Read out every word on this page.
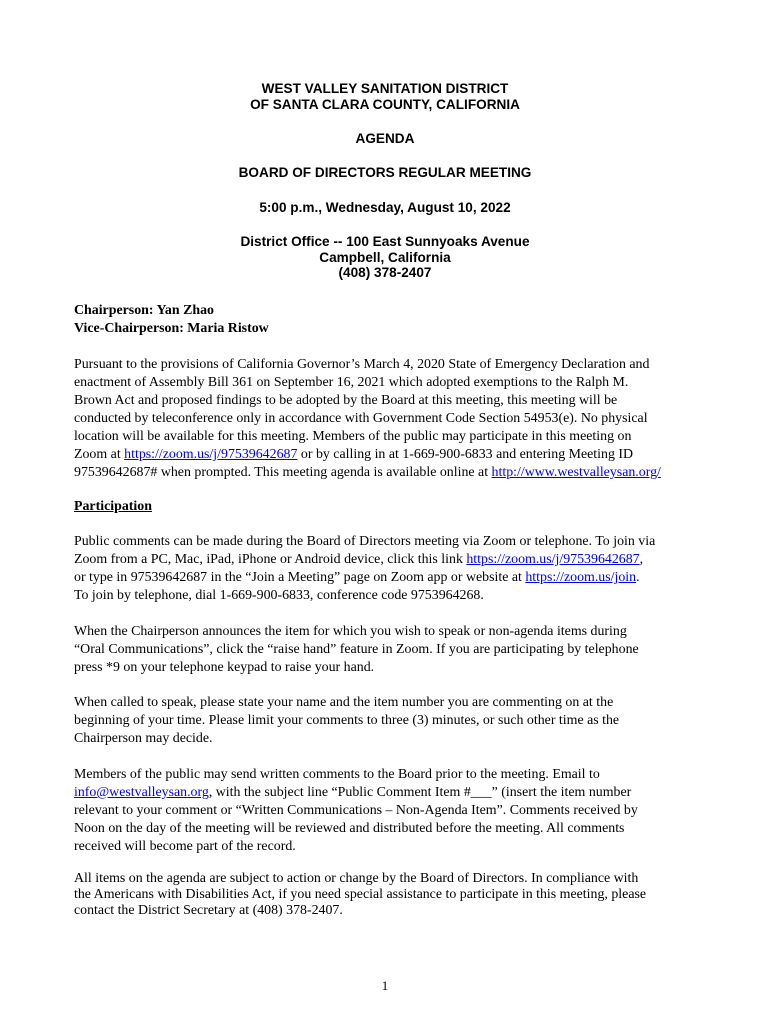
WEST VALLEY SANITATION DISTRICT
OF SANTA CLARA COUNTY, CALIFORNIA
AGENDA
BOARD OF DIRECTORS REGULAR MEETING
5:00 p.m., Wednesday, August 10, 2022
District Office -- 100 East Sunnyoaks Avenue
Campbell, California
(408) 378-2407
Chairperson: Yan Zhao
Vice-Chairperson: Maria Ristow
Pursuant to the provisions of California Governor’s March 4, 2020 State of Emergency Declaration and
enactment of Assembly Bill 361 on September 16, 2021 which adopted exemptions to the Ralph M.
Brown Act and proposed findings to be adopted by the Board at this meeting, this meeting will be
conducted by teleconference only in accordance with Government Code Section 54953(e). No physical
location will be available for this meeting. Members of the public may participate in this meeting on
Zoom at https://zoom.us/j/97539642687 or by calling in at 1-669-900-6833 and entering Meeting ID
97539642687# when prompted. This meeting agenda is available online at http://www.westvalleysan.org/
Participation
Public comments can be made during the Board of Directors meeting via Zoom or telephone. To join via
Zoom from a PC, Mac, iPad, iPhone or Android device, click this link https://zoom.us/j/97539642687,
or type in 97539642687 in the “Join a Meeting” page on Zoom app or website at https://zoom.us/join.
To join by telephone, dial 1-669-900-6833, conference code 9753964268.
When the Chairperson announces the item for which you wish to speak or non-agenda items during
“Oral Communications”, click the “raise hand” feature in Zoom. If you are participating by telephone
press *9 on your telephone keypad to raise your hand.
When called to speak, please state your name and the item number you are commenting on at the
beginning of your time. Please limit your comments to three (3) minutes, or such other time as the
Chairperson may decide.
Members of the public may send written comments to the Board prior to the meeting. Email to
info@westvalleysan.org, with the subject line “Public Comment Item #___” (insert the item number
relevant to your comment or “Written Communications – Non-Agenda Item”. Comments received by
Noon on the day of the meeting will be reviewed and distributed before the meeting. All comments
received will become part of the record.
All items on the agenda are subject to action or change by the Board of Directors. In compliance with
the Americans with Disabilities Act, if you need special assistance to participate in this meeting, please
contact the District Secretary at (408) 378-2407.
1
